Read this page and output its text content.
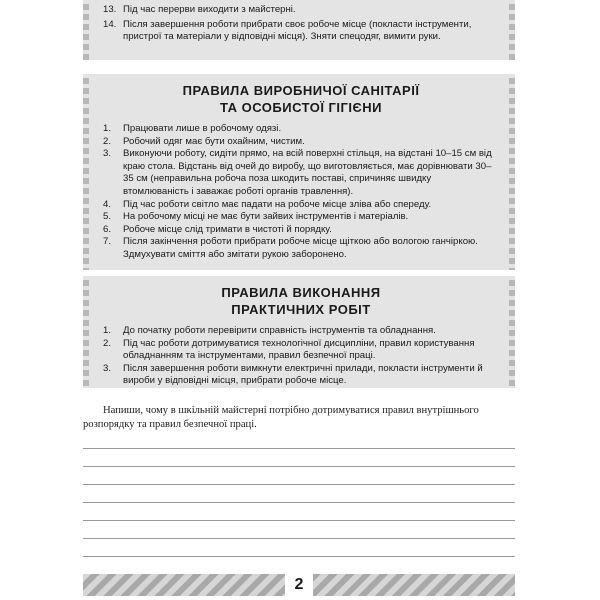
13. Під час перерви виходити з майстерні.
14. Після завершення роботи прибрати своє робоче місце (покласти інструменти, пристрої та матеріали у відповідні місця). Зняти спецодяг, вимити руки.

ПРАВИЛА ВИРОБНИЧОЇ САНІТАРІЇ

ТА ОСОБИСТОЇ ГІГІЄНИ

1. Працювати лише в робочому одязі.
2. Робочий одяг має бути охайним, чистим.
3. Виконуючи роботу, сидіти прямо, на всій поверхні стільця, на відстані 10–15 см від краю стола. Відстань від очей до виробу, що виготовляється, має дорівнювати 30–35 см (неправильна робоча поза шкодить поставі, спричиняє швидку втомлюваність і заважає роботі органів травлення).
4. Під час роботи світло має падати на робоче місце зліва або спереду.
5. На робочому місці не має бути зайвих інструментів і матеріалів.
6. Робоче місце слід тримати в чистоті й порядку.
7. Після закінчення роботи прибрати робоче місце щіткою або вологою ганчіркою. Здмухувати сміття або змітати рукою заборонено.

ПРАВИЛА ВИКОНАННЯ

ПРАКТИЧНИХ РОБІТ

1. До початку роботи перевірити справність інструментів та обладнання.
2. Під час роботи дотримуватися технологічної дисципліни, правил користування обладнанням та інструментами, правил безпечної праці.
3. Після завершення роботи вимкнути електричні прилади, покласти інструменти й вироби у відповідні місця, прибрати робоче місце.
Напиши, чому в шкільній майстерні потрібно дотримуватися правил внутрішнього розпорядку та правил безпечної праці.
2
